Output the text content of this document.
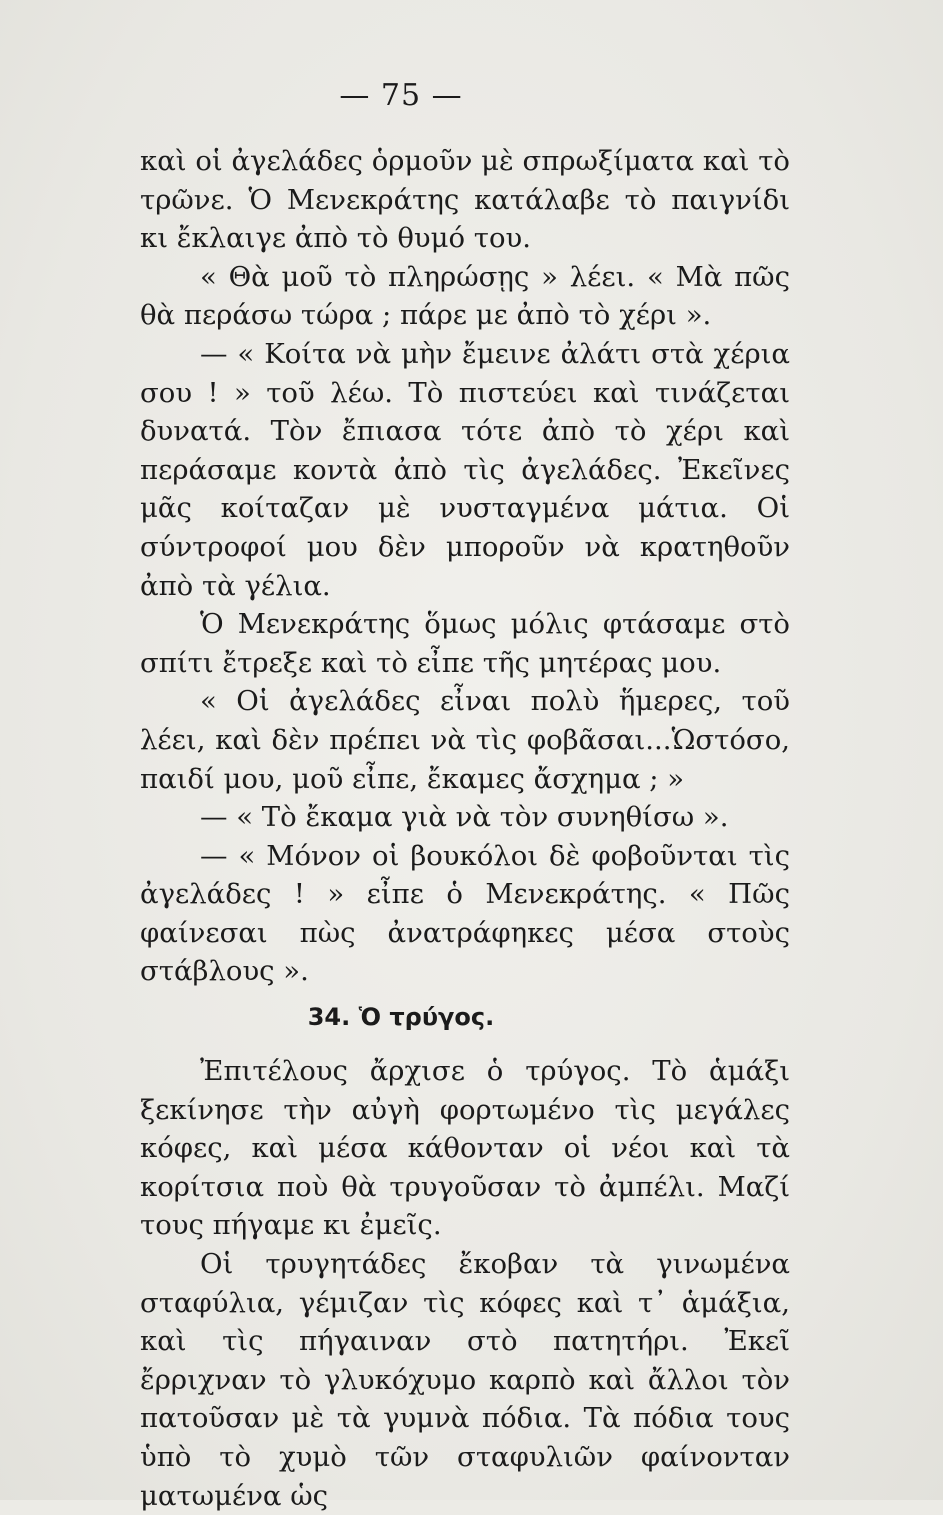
— 75 —

καὶ οἱ ἀγελάδες ὁρμοῦν μὲ σπρωξίματα καὶ τὸ τρῶνε. Ὁ Μενεκράτης κατάλαβε τὸ παιγνίδι κι ἔκλαιγε ἀπὸ τὸ θυμό του.

« Θὰ μοῦ τὸ πληρώσῃς » λέει. « Μὰ πῶς θὰ περάσω τώρα ; πάρε με ἀπὸ τὸ χέρι ».

— « Κοίτα νὰ μὴν ἔμεινε ἀλάτι στὰ χέρια σου ! » τοῦ λέω. Τὸ πιστεύει καὶ τινάζεται δυνατά. Τὸν ἔπιασα τότε ἀπὸ τὸ χέρι καὶ περάσαμε κοντὰ ἀπὸ τὶς ἀγελάδες. Ἐκεῖνες μᾶς κοίταζαν μὲ νυσταγμένα μάτια. Οἱ σύντροφοί μου δὲν μποροῦν νὰ κρατηθοῦν ἀπὸ τὰ γέλια.

Ὁ Μενεκράτης ὅμως μόλις φτάσαμε στὸ σπίτι ἔτρεξε καὶ τὸ εἶπε τῆς μητέρας μου.

« Οἱ ἀγελάδες εἶναι πολὺ ἥμερες, τοῦ λέει, καὶ δὲν πρέπει νὰ τὶς φοβᾶσαι...Ὡστόσο, παιδί μου, μοῦ εἶπε, ἔκαμες ἄσχημα ; »

— « Τὸ ἔκαμα γιὰ νὰ τὸν συνηθίσω ».

— « Μόνον οἱ βουκόλοι δὲ φοβοῦνται τὶς ἀγελάδες ! » εἶπε ὁ Μενεκράτης. « Πῶς φαίνεσαι πὼς ἀνατράφηκες μέσα στοὺς στάβλους ».

34. Ὁ τρύγος.

Ἐπιτέλους ἄρχισε ὁ τρύγος. Τὸ ἁμάξι ξεκίνησε τὴν αὐγὴ φορτωμένο τὶς μεγάλες κόφες, καὶ μέσα κάθονταν οἱ νέοι καὶ τὰ κορίτσια ποὺ θὰ τρυγοῦσαν τὸ ἀμπέλι. Μαζί τους πήγαμε κι ἐμεῖς.

Οἱ τρυγητάδες ἔκοβαν τὰ γινωμένα σταφύλια, γέμιζαν τὶς κόφες καὶ τ᾿ ἁμάξια, καὶ τὶς πήγαιναν στὸ πατητήρι. Ἐκεῖ ἔρριχναν τὸ γλυκόχυμο καρπὸ καὶ ἄλλοι τὸν πατοῦσαν μὲ τὰ γυμνὰ πόδια. Τὰ πόδια τους ὑπὸ τὸ χυμὸ τῶν σταφυλιῶν φαίνονταν ματωμένα ὡς
